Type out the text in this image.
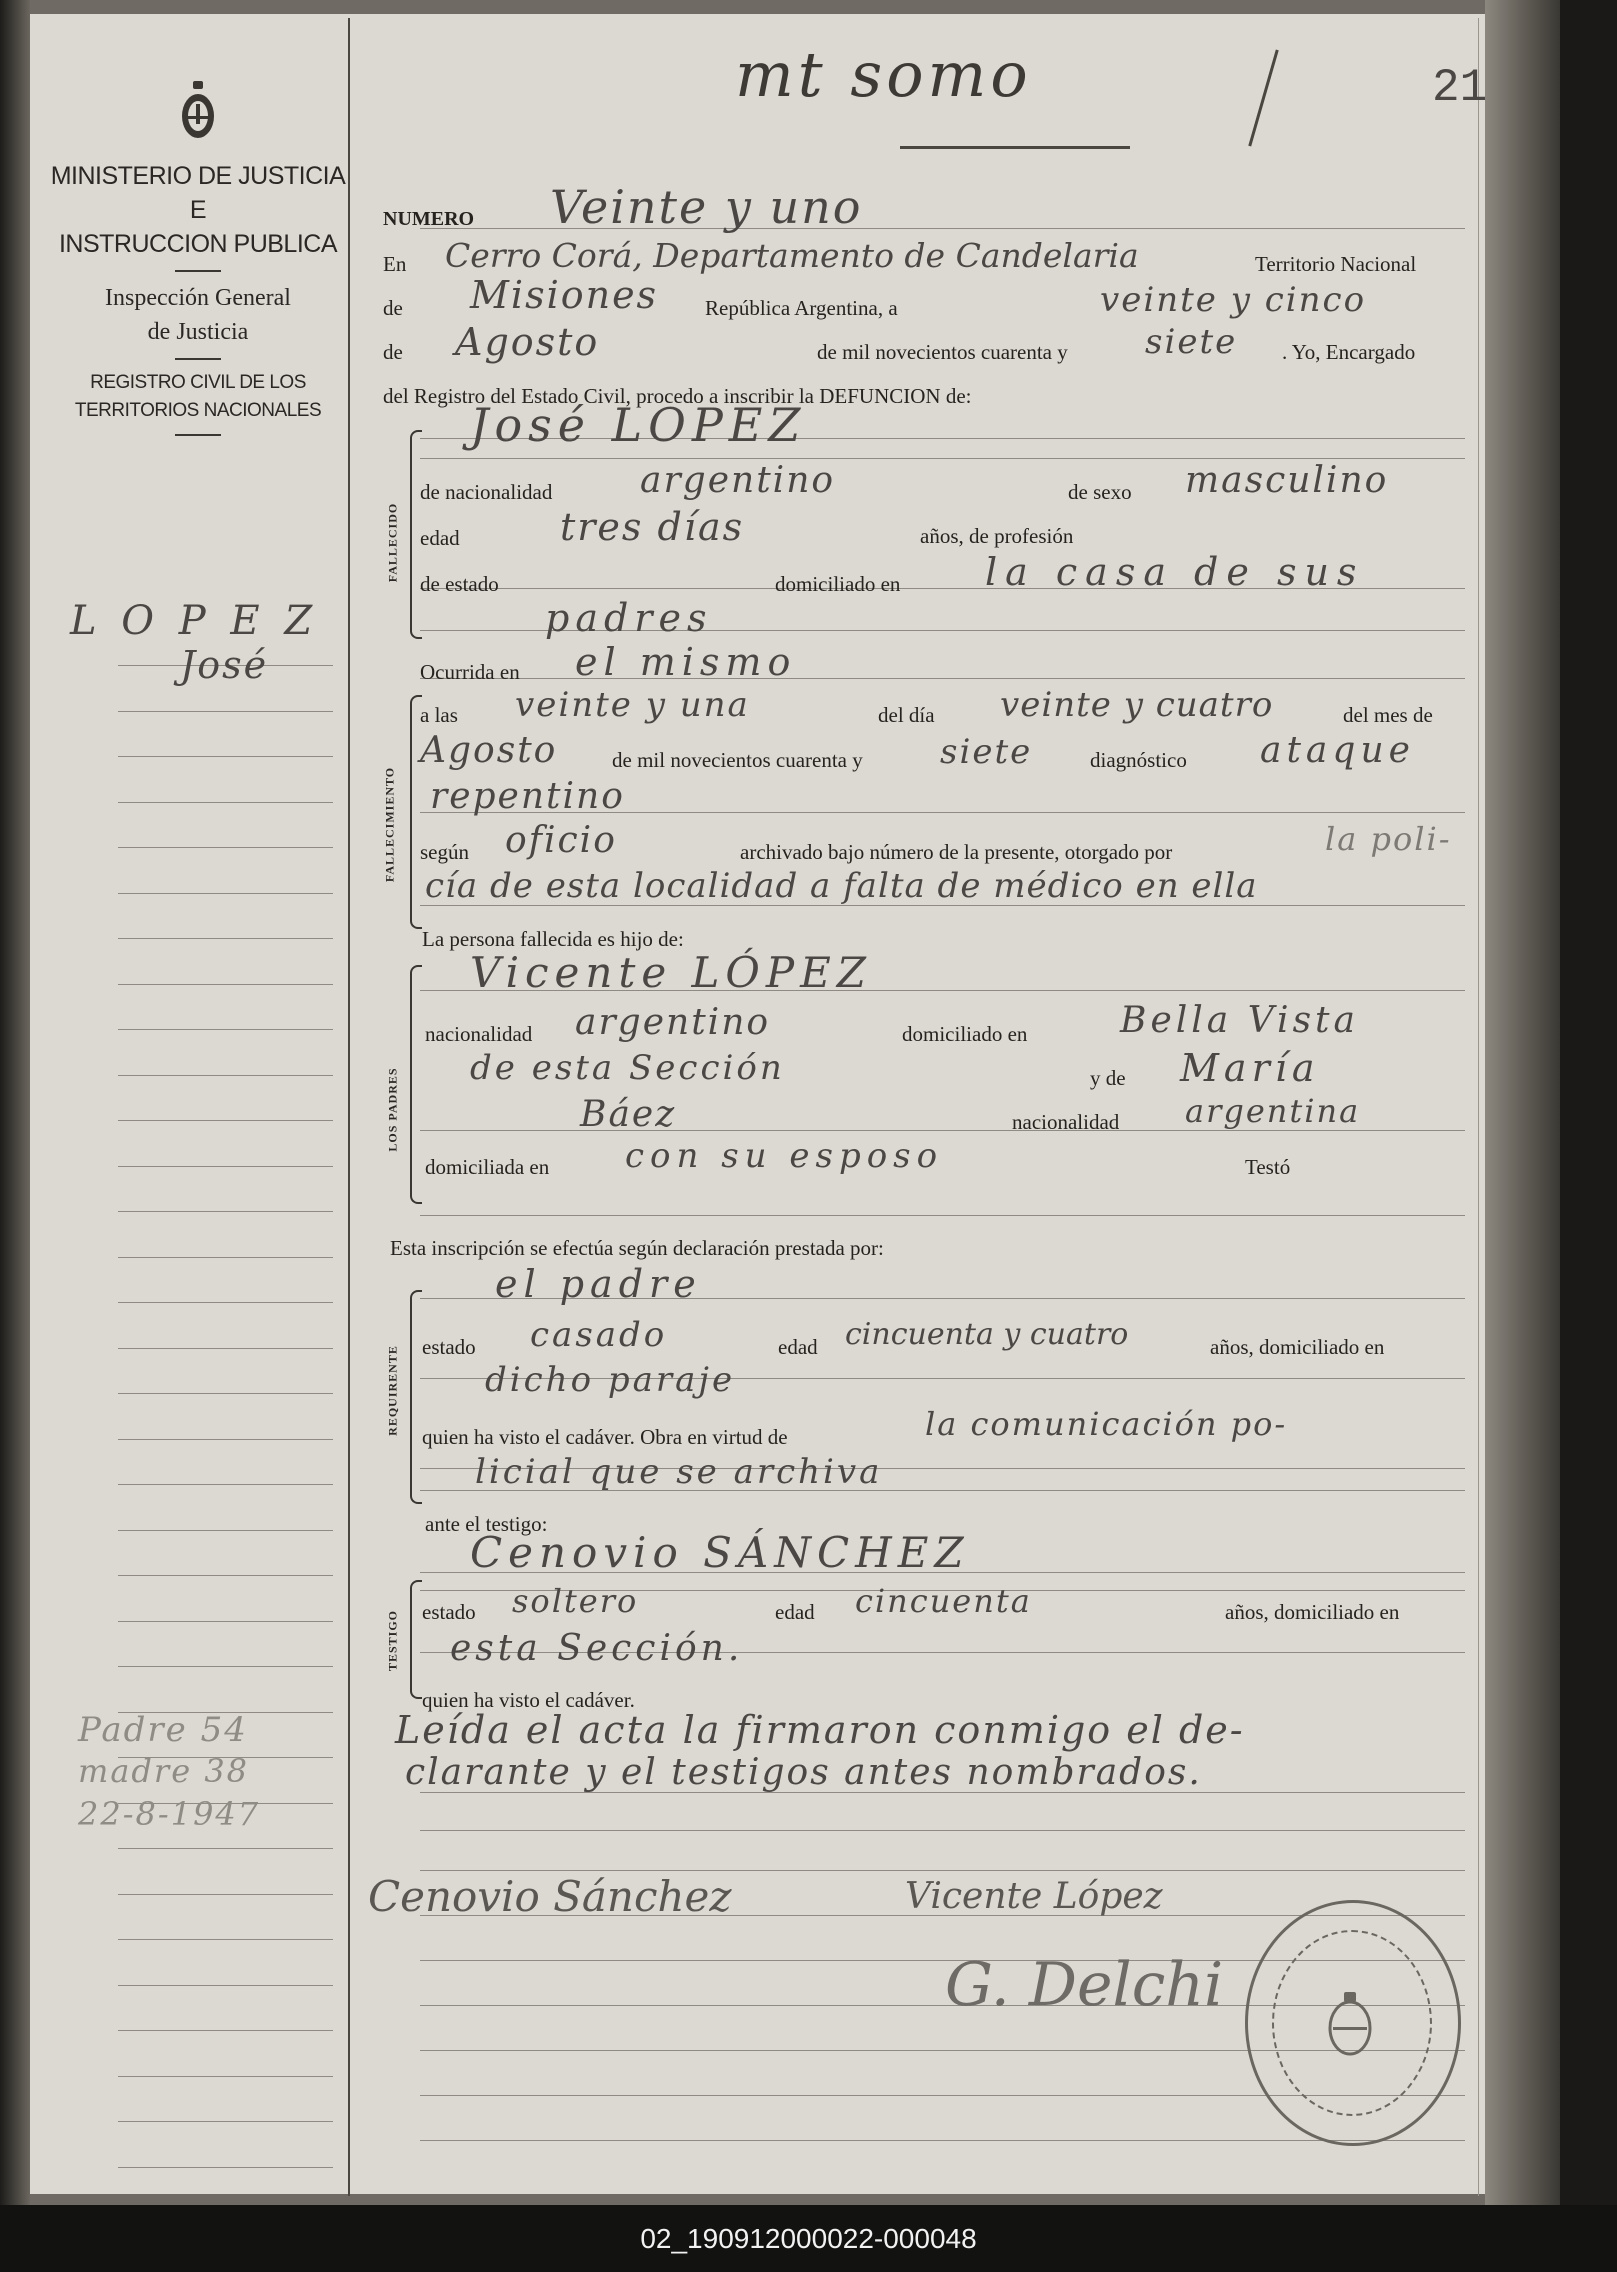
MINISTERIO DE JUSTICIA
E
INSTRUCCION PUBLICA
Inspección General
de Justicia
REGISTRO CIVIL DE LOS
TERRITORIOS NACIONALES
L O P E Z
José
Padre 54
madre 38
22-8-1947
mt somo	21
NUMERO Veinte y uno
En Cerro Corá, Departamento de Candelaria	Territorio Nacional
de Misiones República Argentina, a	veinte y cinco
de Agosto	de mil novecientos cuarenta y siete . Yo, Encargado
del Registro del Estado Civil, procedo a inscribir la DEFUNCION de:
FALLECIDO
José LOPEZ
de nacionalidad argentino	de sexo masculino
edad	tres días	años, de profesión
de estado	domiciliado en la casa de sus
padres
FALLECIMIENTO
Ocurrida en el mismo
a las veinte y una	del día veinte y cuatro	del mes de
Agosto	de mil novecientos cuarenta y siete	diagnóstico ataque
repentino
según oficio	archivado bajo número de la presente, otorgado por	la poli-
cía de esta localidad a falta de médico en ella
La persona fallecida es hijo de:
LOS PADRES
Vicente LÓPEZ
nacionalidad argentino	domiciliado en	Bella Vista
de esta Sección	y de María
Báez	nacionalidad argentina
domiciliada en con su esposo	Testó
Esta inscripción se efectúa según declaración prestada por:
REQUIRENTE
el padre
estado casado	edad cincuenta y cuatro	años, domiciliado en
dicho paraje
quien ha visto el cadáver. Obra en virtud de	la comunicación po-
licial que se archiva
ante el testigo:
TESTIGO
Cenovio SÁNCHEZ
estado soltero	edad cincuenta	años, domiciliado en
esta Sección.
quien ha visto el cadáver.
Leída el acta la firmaron conmigo el de-
clarante y el testigos antes nombrados.
Cenovio Sánchez	Vicente López
G. Delchi
02_190912000022-000048
